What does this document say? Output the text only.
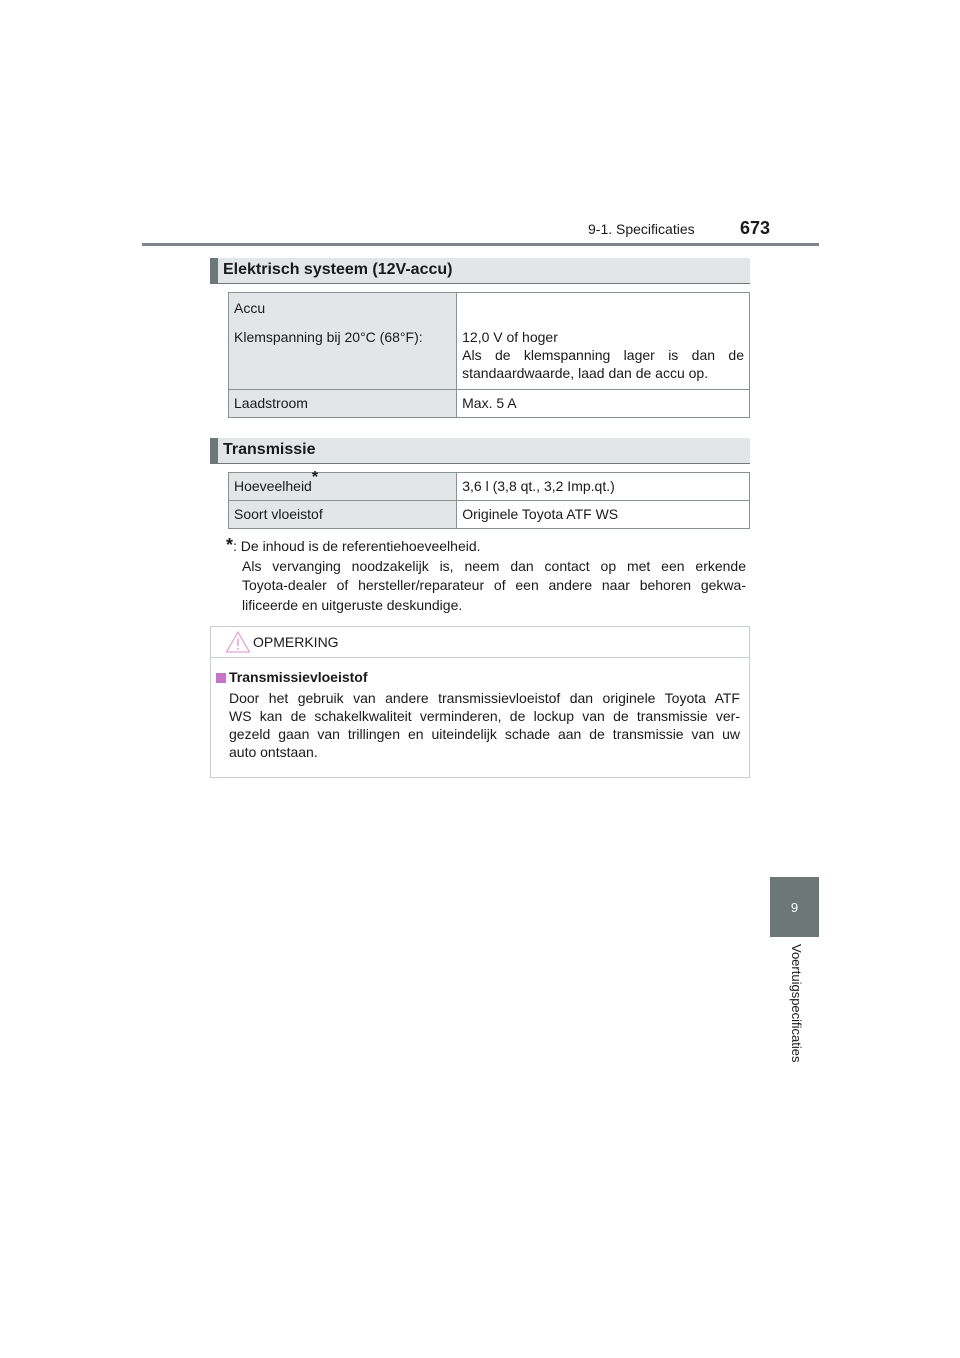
9-1. Specificaties	673
9
Voertuigspecificaties
Elektrisch systeem (12V-accu)
Accu
Klemspanning bij 20°C (68°F):	12,0 V of hoger
Als de klemspanning lager is dan de
standaardwaarde, laad dan de accu op.

Laadstroom	Max. 5 A
Transmissie
Hoeveelheid*	3,6 l (3,8 qt., 3,2 Imp.qt.)
Soort vloeistof	Originele Toyota ATF WS
*: De inhoud is de referentiehoeveelheid.
Als vervanging noodzakelijk is, neem dan contact op met een erkende
Toyota-dealer of hersteller/reparateur of een andere naar behoren gekwa-
lificeerde en uitgeruste deskundige.
OPMERKING
Transmissievloeistof
Door het gebruik van andere transmissievloeistof dan originele Toyota ATF
WS kan de schakelkwaliteit verminderen, de lockup van de transmissie ver-
gezeld gaan van trillingen en uiteindelijk schade aan de transmissie van uw
auto ontstaan.
